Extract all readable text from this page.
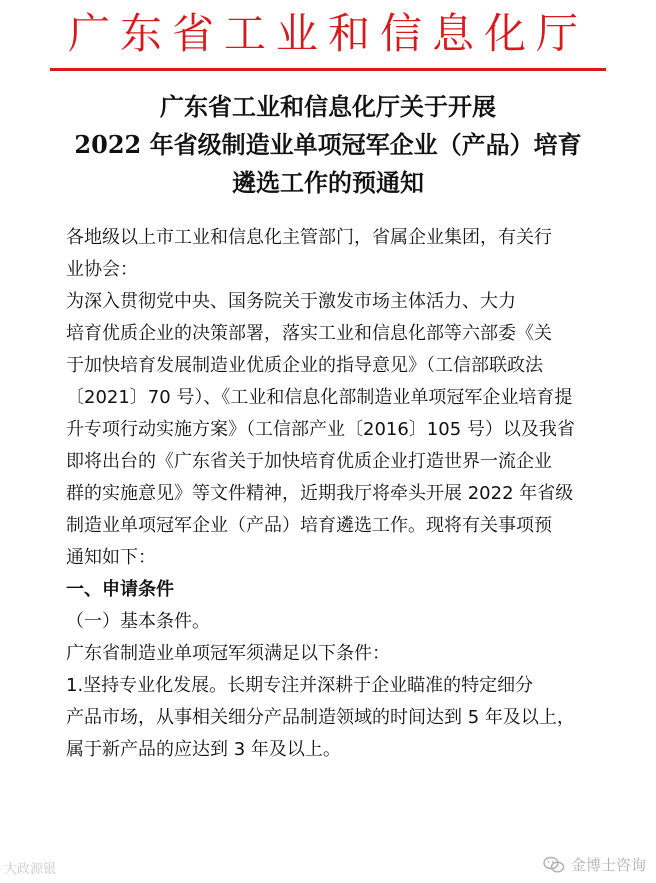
广东省工业和信息化厅
广东省工业和信息化厅关于开展
2022 年省级制造业单项冠军企业（产品）培育
遴选工作的预通知
各地级以上市工业和信息化主管部门，省属企业集团，有关行
业协会：
为深入贯彻党中央、国务院关于激发市场主体活力、大力
培育优质企业的决策部署，落实工业和信息化部等六部委《关
于加快培育发展制造业优质企业的指导意见》（工信部联政法
〔2021〕70 号）、《工业和信息化部制造业单项冠军企业培育提
升专项行动实施方案》（工信部产业〔2016〕105 号）以及我省
即将出台的《广东省关于加快培育优质企业打造世界一流企业
群的实施意见》等文件精神，近期我厅将牵头开展 2022 年省级
制造业单项冠军企业（产品）培育遴选工作。现将有关事项预
通知如下：
一、申请条件
（一）基本条件。
广东省制造业单项冠军须满足以下条件：
1.坚持专业化发展。长期专注并深耕于企业瞄准的特定细分
产品市场，从事相关细分产品制造领域的时间达到 5 年及以上，
属于新产品的应达到 3 年及以上。
大政源银	金博士咨询
